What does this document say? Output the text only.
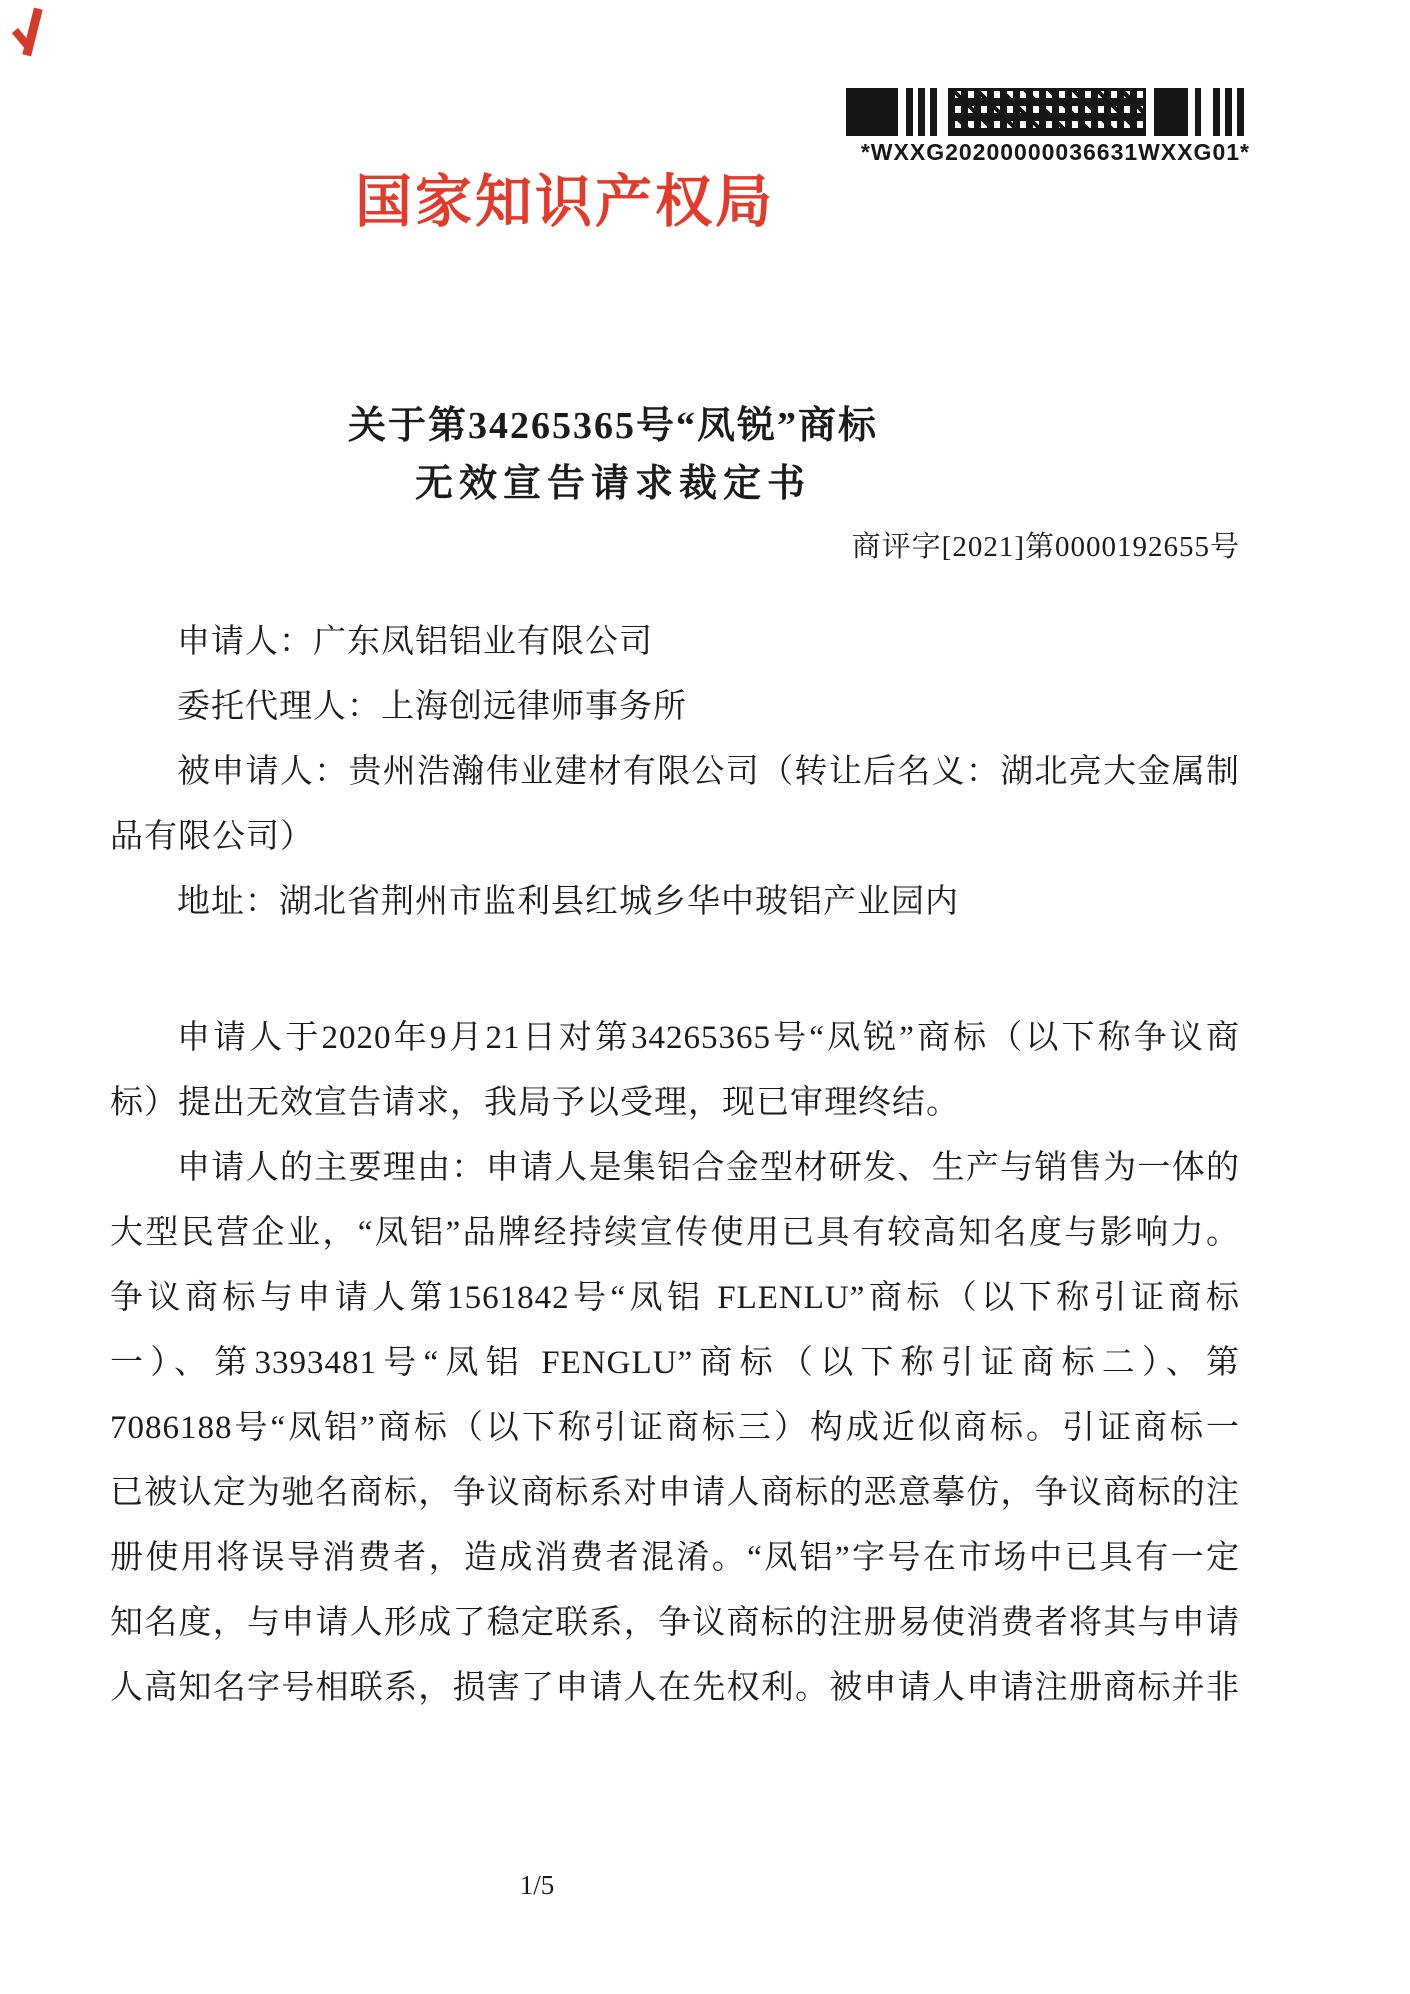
*WXXG20200000036631WXXG01*
国家知识产权局
关于第34265365号“凤锐”商标
无效宣告请求裁定书
商评字[2021]第0000192655号
申请人：广东凤铝铝业有限公司
委托代理人：上海创远律师事务所
被申请人：贵州浩瀚伟业建材有限公司（转让后名义：湖北亮大金属制
品有限公司）
地址：湖北省荆州市监利县红城乡华中玻铝产业园内
申请人于2020年9月21日对第34265365号“凤锐”商标（以下称争议商
标）提出无效宣告请求，我局予以受理，现已审理终结。
申请人的主要理由：申请人是集铝合金型材研发、生产与销售为一体的
大型民营企业，“凤铝”品牌经持续宣传使用已具有较高知名度与影响力。
争议商标与申请人第1561842号“凤铝 FLENLU”商标（以下称引证商标
一）、第3393481号“凤铝 FENGLU”商标（以下称引证商标二）、第
7086188号“凤铝”商标（以下称引证商标三）构成近似商标。引证商标一
已被认定为驰名商标，争议商标系对申请人商标的恶意摹仿，争议商标的注
册使用将误导消费者，造成消费者混淆。“凤铝”字号在市场中已具有一定
知名度，与申请人形成了稳定联系，争议商标的注册易使消费者将其与申请
人高知名字号相联系，损害了申请人在先权利。被申请人申请注册商标并非
1/5
